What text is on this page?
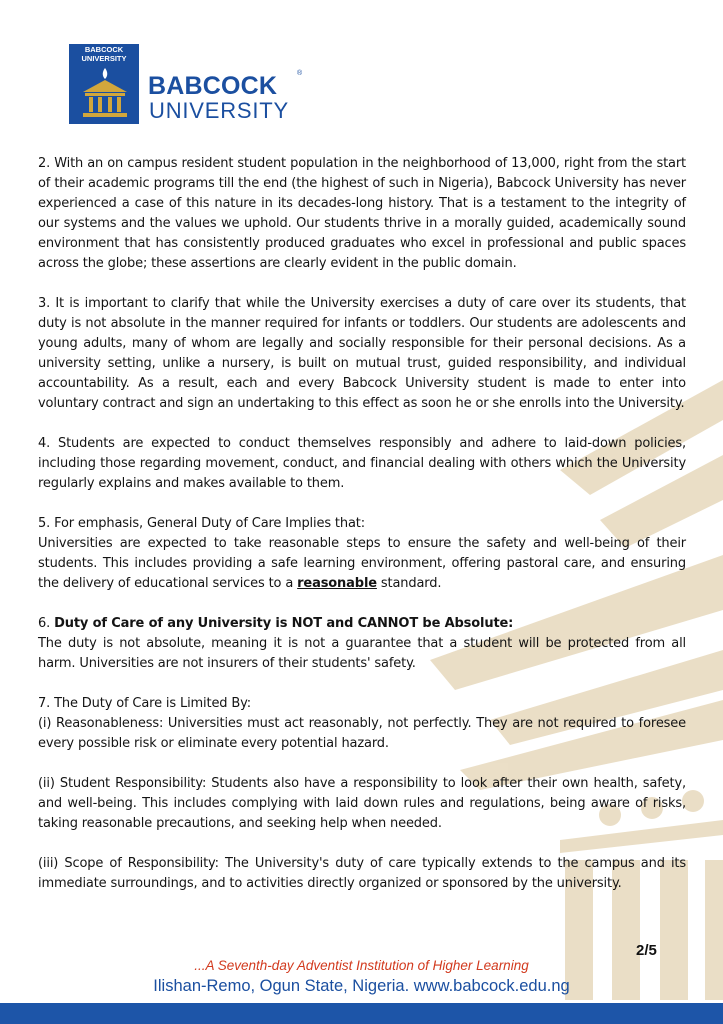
BABCOCK UNIVERSITY
BABCOCK	®
UNIVERSITY

2. With an on campus resident student population in the neighborhood of 13,000, right from the start of their academic programs till the end (the highest of such in Nigeria), Babcock University has never experienced a case of this nature in its decades-long history. That is a testament to the integrity of our systems and the values we uphold. Our students thrive in a morally guided, academically sound environment that has consistently produced graduates who excel in professional and public spaces across the globe; these assertions are clearly evident in the public domain.

3. It is important to clarify that while the University exercises a duty of care over its students, that duty is not absolute in the manner required for infants or toddlers. Our students are adolescents and young adults, many of whom are legally and socially responsible for their personal decisions. As a university setting, unlike a nursery, is built on mutual trust, guided responsibility, and individual accountability. As a result, each and every Babcock University student is made to enter into voluntary contract and sign an undertaking to this effect as soon he or she enrolls into the University.

4. Students are expected to conduct themselves responsibly and adhere to laid-down policies, including those regarding movement, conduct, and financial dealing with others which the University regularly explains and makes available to them.

5. For emphasis, General Duty of Care Implies that:

Universities are expected to take reasonable steps to ensure the safety and well-being of their students. This includes providing a safe learning environment, offering pastoral care, and ensuring the delivery of educational services to a reasonable standard.

6. Duty of Care of any University is NOT and CANNOT be Absolute:

The duty is not absolute, meaning it is not a guarantee that a student will be protected from all harm. Universities are not insurers of their students' safety.

7. The Duty of Care is Limited By:

(i) Reasonableness: Universities must act reasonably, not perfectly. They are not required to foresee every possible risk or eliminate every potential hazard.

(ii) Student Responsibility: Students also have a responsibility to look after their own health, safety, and well-being. This includes complying with laid down rules and regulations, being aware of risks, taking reasonable precautions, and seeking help when needed.

(iii) Scope of Responsibility: The University's duty of care typically extends to the campus and its immediate surroundings, and to activities directly organized or sponsored by the university.

2/5
...A Seventh-day Adventist Institution of Higher Learning
Ilishan-Remo, Ogun State, Nigeria. www.babcock.edu.ng
